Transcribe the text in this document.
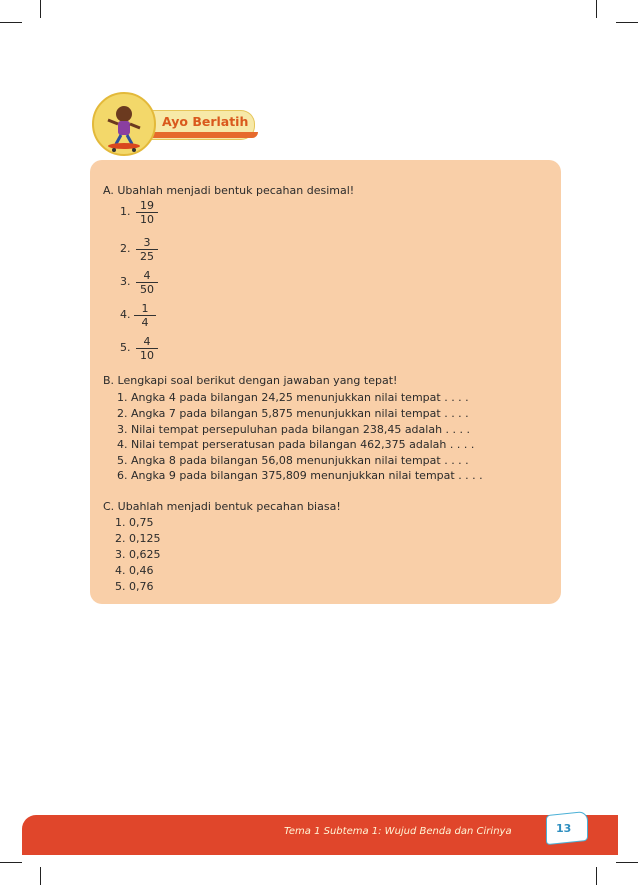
Ayo Berlatih
A. Ubahlah menjadi bentuk pecahan desimal!
1. $\frac{19}{10}$
2. $\frac{3}{25}$
3. $\frac{4}{50}$
4. $\frac{1}{4}$
5. $\frac{4}{10}$
B. Lengkapi soal berikut dengan jawaban yang tepat!
1. Angka 4 pada bilangan 24,25 menunjukkan nilai tempat . . . .
2. Angka 7 pada bilangan 5,875 menunjukkan nilai tempat . . . .
3. Nilai tempat persepuluhan pada bilangan 238,45 adalah . . . .
4. Nilai tempat perseratusan pada bilangan 462,375 adalah . . . .
5. Angka 8 pada bilangan 56,08 menunjukkan nilai tempat . . . .
6. Angka 9 pada bilangan 375,809 menunjukkan nilai tempat . . . .
C. Ubahlah menjadi bentuk pecahan biasa!
1. 0,75
2. 0,125
3. 0,625
4. 0,46
5. 0,76
Tema 1 Subtema 1: Wujud Benda dan Cirinya	13
